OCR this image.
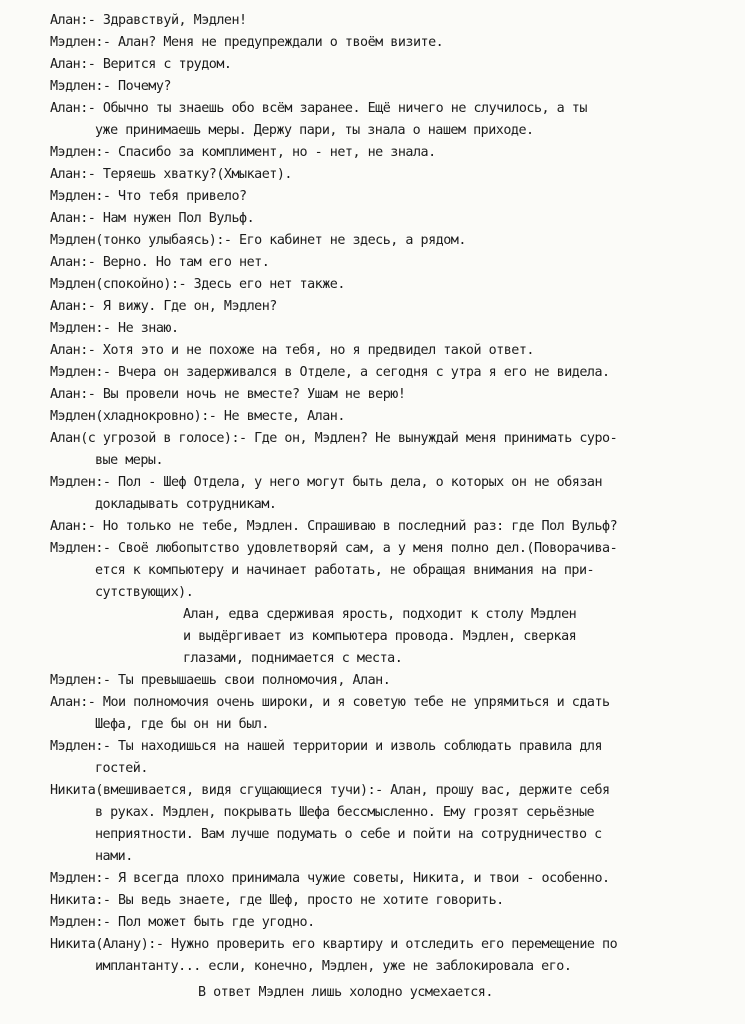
Алан:- Здравствуй, Мэдлен!
Мэдлен:- Алан? Меня не предупреждали о твоём визите.
Алан:- Верится с трудом.
Мэдлен:- Почему?
Алан:- Обычно ты знаешь обо всём заранее. Ещё ничего не случилось, а ты
уже принимаешь меры. Держу пари, ты знала о нашем приходе.
Мэдлен:- Спасибо за комплимент, но - нет, не знала.
Алан:- Теряешь хватку?(Хмыкает).
Мэдлен:- Что тебя привело?
Алан:- Нам нужен Пол Вульф.
Мэдлен(тонко улыбаясь):- Его кабинет не здесь, а рядом.
Алан:- Верно. Но там его нет.
Мэдлен(спокойно):- Здесь его нет также.
Алан:- Я вижу. Где он, Мэдлен?
Мэдлен:- Не знаю.
Алан:- Хотя это и не похоже на тебя, но я предвидел такой ответ.
Мэдлен:- Вчера он задерживался в Отделе, а сегодня с утра я его не видела.
Алан:- Вы провели ночь не вместе? Ушам не верю!
Мэдлен(хладнокровно):- Не вместе, Алан.
Алан(с угрозой в голосе):- Где он, Мэдлен? Не вынуждай меня принимать суро-
вые меры.
Мэдлен:- Пол - Шеф Отдела, у него могут быть дела, о которых он не обязан
докладывать сотрудникам.
Алан:- Но только не тебе, Мэдлен. Спрашиваю в последний раз: где Пол Вульф?
Мэдлен:- Своё любопытство удовлетворяй сам, а у меня полно дел.(Поворачива-
ется к компьютеру и начинает работать, не обращая внимания на при-
сутствующих).
Алан, едва сдерживая ярость, подходит к столу Мэдлен
и выдёргивает из компьютера провода. Мэдлен, сверкая
глазами, поднимается с места.
Мэдлен:- Ты превышаешь свои полномочия, Алан.
Алан:- Мои полномочия очень широки, и я советую тебе не упрямиться и сдать
Шефа, где бы он ни был.
Мэдлен:- Ты находишься на нашей территории и изволь соблюдать правила для
гостей.
Никита(вмешивается, видя сгущающиеся тучи):- Алан, прошу вас, держите себя
в руках. Мэдлен, покрывать Шефа бессмысленно. Ему грозят серьёзные
неприятности. Вам лучше подумать о себе и пойти на сотрудничество с
нами.
Мэдлен:- Я всегда плохо принимала чужие советы, Никита, и твои - особенно.
Никита:- Вы ведь знаете, где Шеф, просто не хотите говорить.
Мэдлен:- Пол может быть где угодно.
Никита(Алану):- Нужно проверить его квартиру и отследить его перемещение по
имплантанту... если, конечно, Мэдлен, уже не заблокировала его.
В ответ Мэдлен лишь холодно усмехается.
